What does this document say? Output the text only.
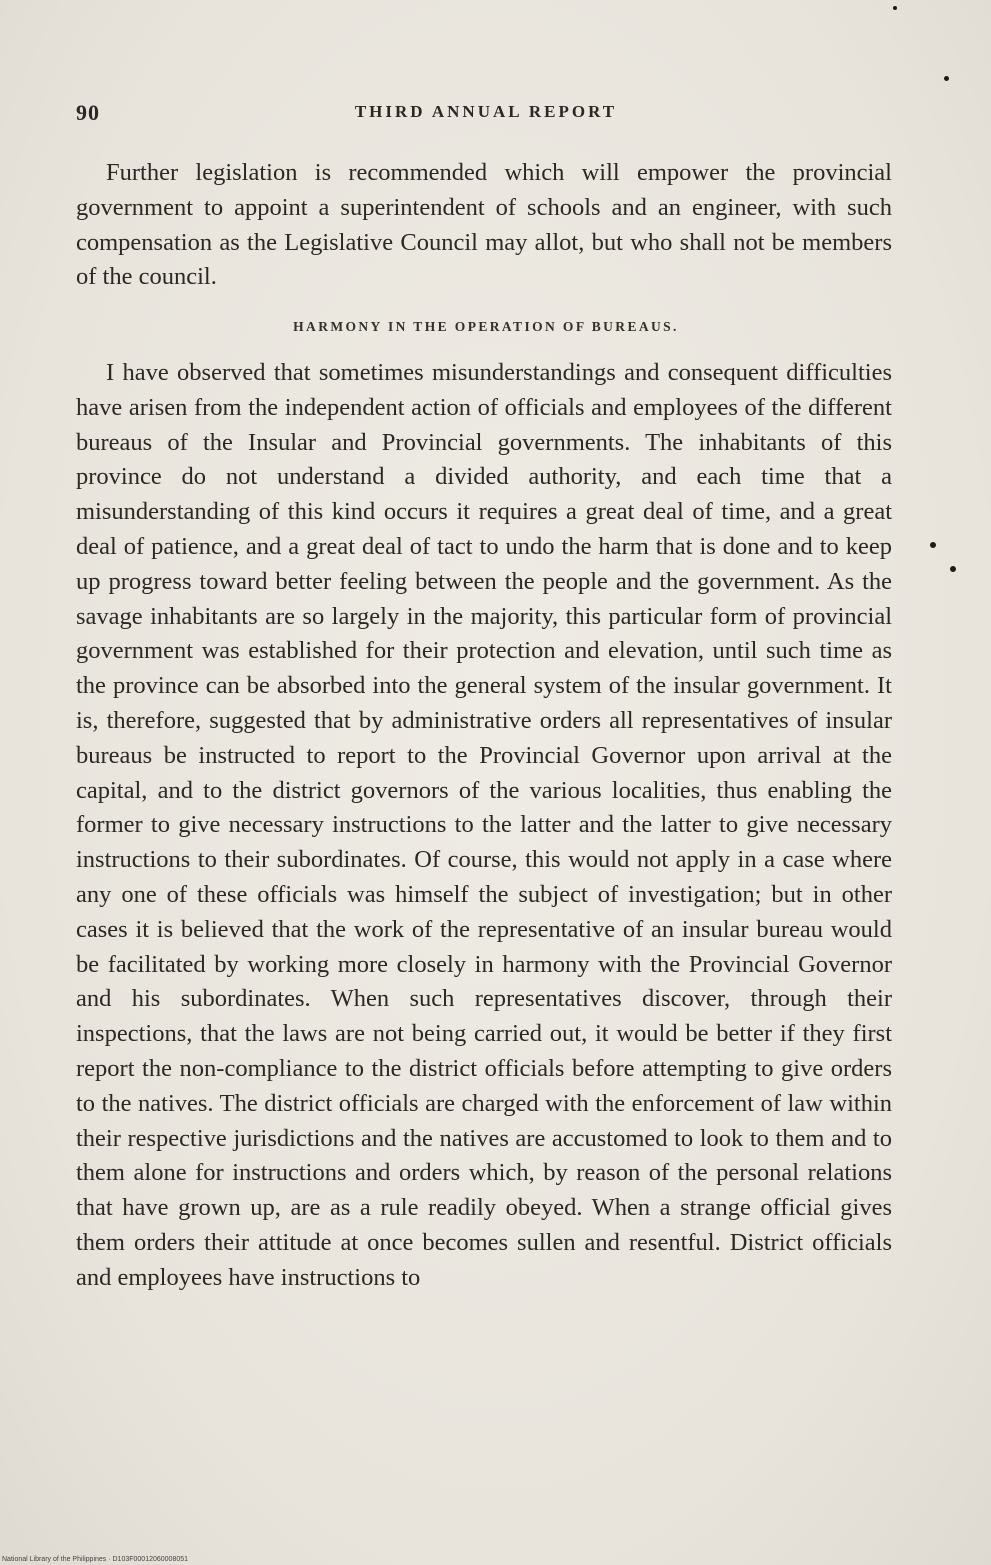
90	THIRD ANNUAL REPORT

Further legislation is recommended which will empower the provincial government to appoint a superintendent of schools and an engineer, with such compensation as the Legislative Council may allot, but who shall not be members of the council.

HARMONY IN THE OPERATION OF BUREAUS.

I have observed that sometimes misunderstandings and consequent difficulties have arisen from the independent action of officials and employees of the different bureaus of the Insular and Provincial governments. The inhabitants of this province do not understand a divided authority, and each time that a misunderstanding of this kind occurs it requires a great deal of time, and a great deal of patience, and a great deal of tact to undo the harm that is done and to keep up progress toward better feeling between the people and the government. As the savage inhabitants are so largely in the majority, this particular form of provincial government was established for their protection and elevation, until such time as the province can be absorbed into the general system of the insular government. It is, therefore, suggested that by administrative orders all representatives of insular bureaus be instructed to report to the Provincial Governor upon arrival at the capital, and to the district governors of the various localities, thus enabling the former to give necessary instructions to the latter and the latter to give necessary instructions to their subordinates. Of course, this would not apply in a case where any one of these officials was himself the subject of investigation; but in other cases it is believed that the work of the representative of an insular bureau would be facilitated by working more closely in harmony with the Provincial Governor and his subordinates. When such representatives discover, through their inspections, that the laws are not being carried out, it would be better if they first report the non-compliance to the district officials before attempting to give orders to the natives. The district officials are charged with the enforcement of law within their respective jurisdictions and the natives are accustomed to look to them and to them alone for instructions and orders which, by reason of the personal relations that have grown up, are as a rule readily obeyed. When a strange official gives them orders their attitude at once becomes sullen and resentful. District officials and employees have instructions to

National Library of the Philippines · D103F00012060008051
